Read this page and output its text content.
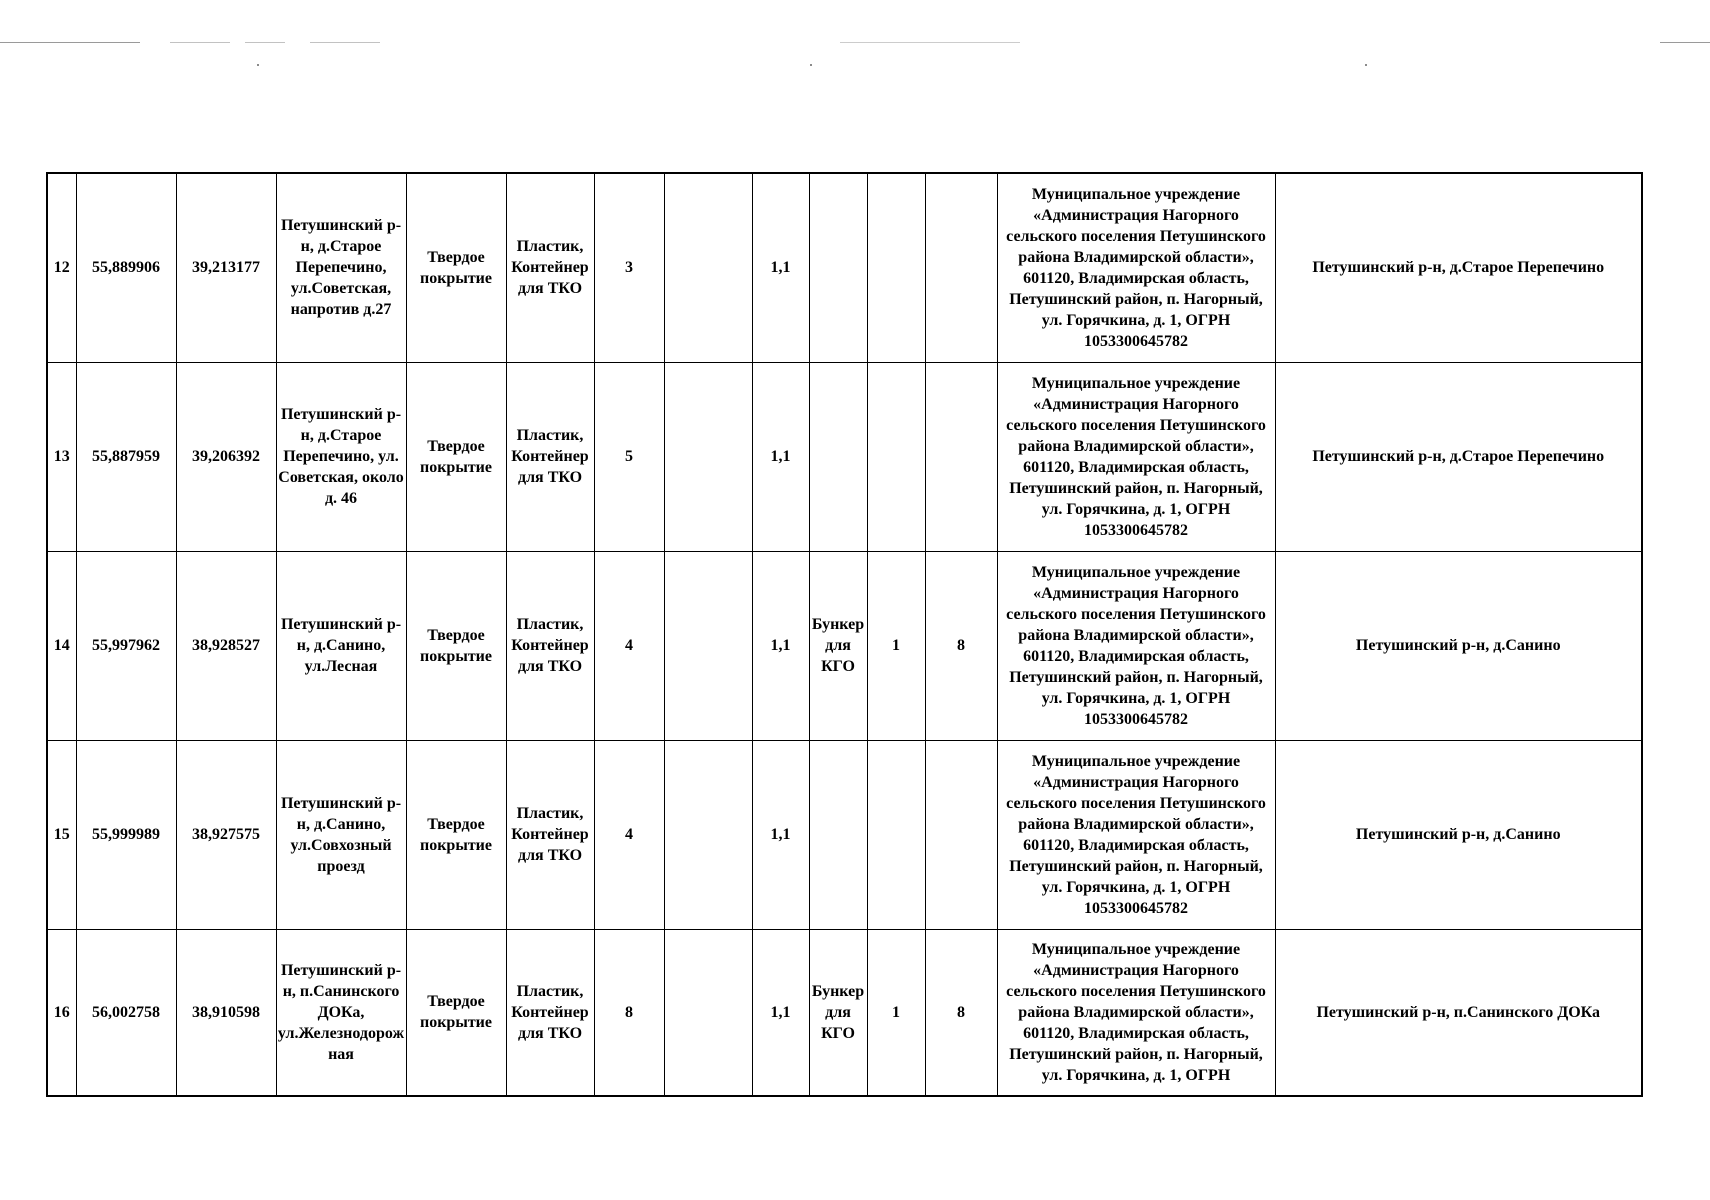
12	55,889906	39,213177	Петушинский р-н, д.Старое Перепечино, ул.Советская, напротив д.27	Твердое покрытие	Пластик, Контейнер для ТКО	3		1,1				Муниципальное учреждение «Администрация Нагорного сельского поселения Петушинского района Владимирской области», 601120, Владимирская область, Петушинский район, п. Нагорный, ул. Горячкина, д. 1, ОГРН 1053300645782	Петушинский р-н, д.Старое Перепечино
13	55,887959	39,206392	Петушинский р-н, д.Старое Перепечино, ул. Советская, около д. 46	Твердое покрытие	Пластик, Контейнер для ТКО	5		1,1				Муниципальное учреждение «Администрация Нагорного сельского поселения Петушинского района Владимирской области», 601120, Владимирская область, Петушинский район, п. Нагорный, ул. Горячкина, д. 1, ОГРН 1053300645782	Петушинский р-н, д.Старое Перепечино
14	55,997962	38,928527	Петушинский р-н, д.Санино, ул.Лесная	Твердое покрытие	Пластик, Контейнер для ТКО	4		1,1	Бункер для КГО	1	8	Муниципальное учреждение «Администрация Нагорного сельского поселения Петушинского района Владимирской области», 601120, Владимирская область, Петушинский район, п. Нагорный, ул. Горячкина, д. 1, ОГРН 1053300645782	Петушинский р-н, д.Санино
15	55,999989	38,927575	Петушинский р-н, д.Санино, ул.Совхозный проезд	Твердое покрытие	Пластик, Контейнер для ТКО	4		1,1				Муниципальное учреждение «Администрация Нагорного сельского поселения Петушинского района Владимирской области», 601120, Владимирская область, Петушинский район, п. Нагорный, ул. Горячкина, д. 1, ОГРН 1053300645782	Петушинский р-н, д.Санино
16	56,002758	38,910598	Петушинский р-н, п.Санинского ДОКа, ул.Железнодорожная	Твердое покрытие	Пластик, Контейнер для ТКО	8		1,1	Бункер для КГО	1	8	Муниципальное учреждение «Администрация Нагорного сельского поселения Петушинского района Владимирской области», 601120, Владимирская область, Петушинский район, п. Нагорный, ул. Горячкина, д. 1, ОГРН	Петушинский р-н, п.Санинского ДОКа
